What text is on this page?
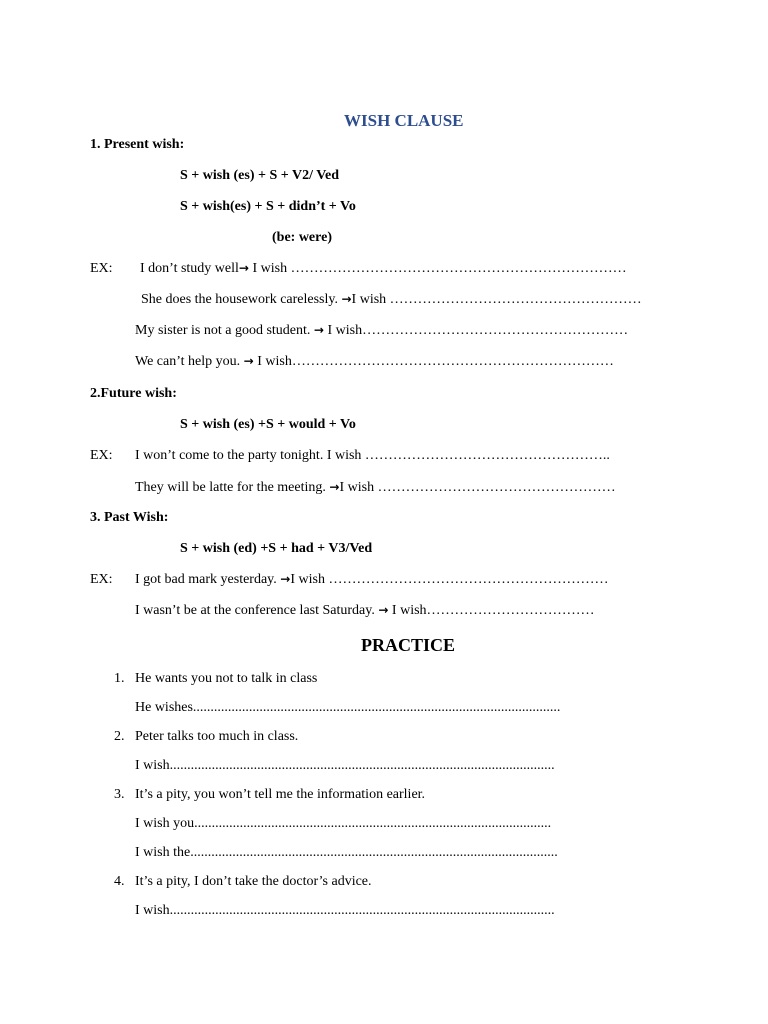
WISH CLAUSE
1. Present wish:
S + wish (es) + S + V2/ Ved
S + wish(es) + S + didn’t + Vo
(be: were)
EX: I don’t study well→ I wish ………………………………………………………………
She does the housework carelessly. →I wish ………………………………………………
My sister is not a good student. → I wish…………………………………………………
We can’t help you. → I wish……………………………………………………………
2.Future wish:
S + wish (es) +S + would + Vo
EX: I won’t come to the party tonight. I wish ……………………………………………..
They will be latte for the meeting. →I wish ……………………………………………
3. Past Wish:
S + wish (ed) +S + had + V3/Ved
EX: I got bad mark yesterday. →I wish ……………………………………………………
I wasn’t be at the conference last Saturday. → I wish………………………………
PRACTICE
1. He wants you not to talk in class
He wishes.........................................................................................................
2. Peter talks too much in class.
I wish..............................................................................................................
3. It’s a pity, you won’t tell me the information earlier.
I wish you......................................................................................................
I wish the.........................................................................................................
4. It’s a pity, I don’t take the doctor’s advice.
I wish..............................................................................................................
